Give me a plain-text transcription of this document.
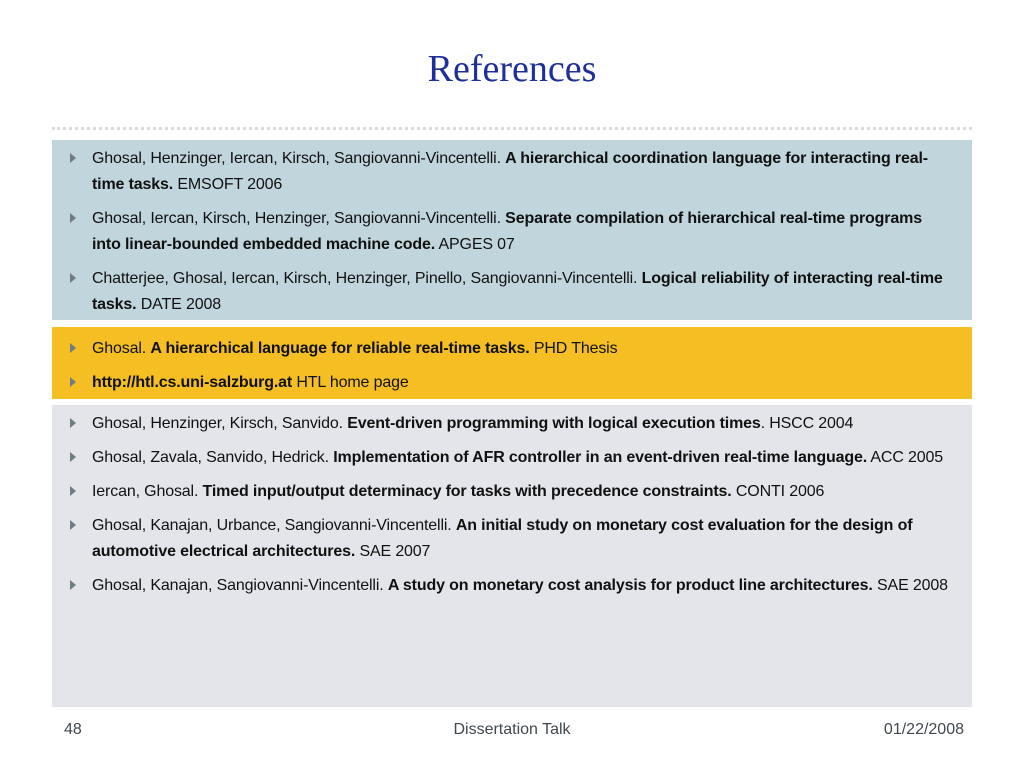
References
Ghosal, Henzinger, Iercan, Kirsch, Sangiovanni-Vincentelli. A hierarchical coordination language for interacting real-time tasks. EMSOFT 2006
Ghosal, Iercan, Kirsch, Henzinger, Sangiovanni-Vincentelli. Separate compilation of hierarchical real-time programs into linear-bounded embedded machine code. APGES 07
Chatterjee, Ghosal, Iercan, Kirsch, Henzinger, Pinello, Sangiovanni-Vincentelli. Logical reliability of interacting real-time tasks. DATE 2008
Ghosal. A hierarchical language for reliable real-time tasks. PHD Thesis
http://htl.cs.uni-salzburg.at HTL home page
Ghosal, Henzinger, Kirsch, Sanvido. Event-driven programming with logical execution times. HSCC 2004
Ghosal, Zavala, Sanvido, Hedrick. Implementation of AFR controller in an event-driven real-time language. ACC 2005
Iercan, Ghosal. Timed input/output determinacy for tasks with precedence constraints. CONTI 2006
Ghosal, Kanajan, Urbance, Sangiovanni-Vincentelli. An initial study on monetary cost evaluation for the design of automotive electrical architectures. SAE 2007
Ghosal, Kanajan, Sangiovanni-Vincentelli. A study on monetary cost analysis for product line architectures. SAE 2008
48	Dissertation Talk	01/22/2008
